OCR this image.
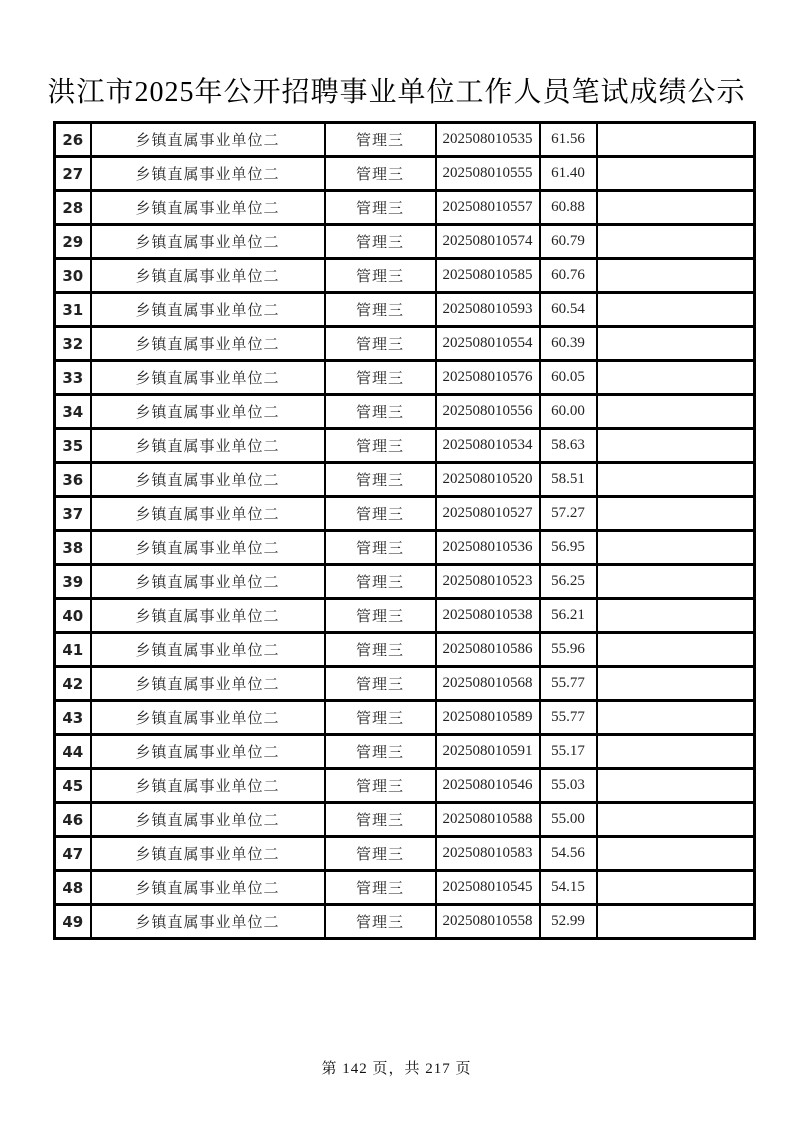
洪江市2025年公开招聘事业单位工作人员笔试成绩公示
26	乡镇直属事业单位二	管理三	202508010535	61.56	
27	乡镇直属事业单位二	管理三	202508010555	61.40	
28	乡镇直属事业单位二	管理三	202508010557	60.88	
29	乡镇直属事业单位二	管理三	202508010574	60.79	
30	乡镇直属事业单位二	管理三	202508010585	60.76	
31	乡镇直属事业单位二	管理三	202508010593	60.54	
32	乡镇直属事业单位二	管理三	202508010554	60.39	
33	乡镇直属事业单位二	管理三	202508010576	60.05	
34	乡镇直属事业单位二	管理三	202508010556	60.00	
35	乡镇直属事业单位二	管理三	202508010534	58.63	
36	乡镇直属事业单位二	管理三	202508010520	58.51	
37	乡镇直属事业单位二	管理三	202508010527	57.27	
38	乡镇直属事业单位二	管理三	202508010536	56.95	
39	乡镇直属事业单位二	管理三	202508010523	56.25	
40	乡镇直属事业单位二	管理三	202508010538	56.21	
41	乡镇直属事业单位二	管理三	202508010586	55.96	
42	乡镇直属事业单位二	管理三	202508010568	55.77	
43	乡镇直属事业单位二	管理三	202508010589	55.77	
44	乡镇直属事业单位二	管理三	202508010591	55.17	
45	乡镇直属事业单位二	管理三	202508010546	55.03	
46	乡镇直属事业单位二	管理三	202508010588	55.00	
47	乡镇直属事业单位二	管理三	202508010583	54.56	
48	乡镇直属事业单位二	管理三	202508010545	54.15	
49	乡镇直属事业单位二	管理三	202508010558	52.99	
第 142 页，共 217 页
